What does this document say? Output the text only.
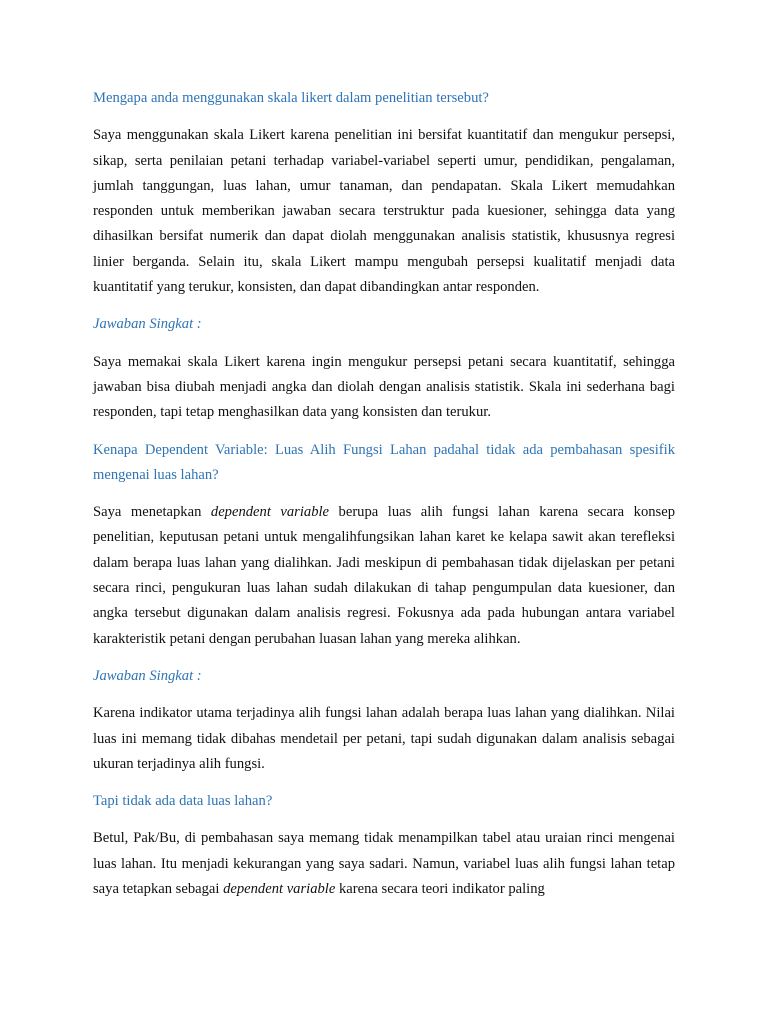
Mengapa anda menggunakan skala likert dalam penelitian tersebut?

Saya menggunakan skala Likert karena penelitian ini bersifat kuantitatif dan mengukur persepsi, sikap, serta penilaian petani terhadap variabel-variabel seperti umur, pendidikan, pengalaman, jumlah tanggungan, luas lahan, umur tanaman, dan pendapatan. Skala Likert memudahkan responden untuk memberikan jawaban secara terstruktur pada kuesioner, sehingga data yang dihasilkan bersifat numerik dan dapat diolah menggunakan analisis statistik, khususnya regresi linier berganda. Selain itu, skala Likert mampu mengubah persepsi kualitatif menjadi data kuantitatif yang terukur, konsisten, dan dapat dibandingkan antar responden.

Jawaban Singkat :

Saya memakai skala Likert karena ingin mengukur persepsi petani secara kuantitatif, sehingga jawaban bisa diubah menjadi angka dan diolah dengan analisis statistik. Skala ini sederhana bagi responden, tapi tetap menghasilkan data yang konsisten dan terukur.

Kenapa Dependent Variable: Luas Alih Fungsi Lahan padahal tidak ada pembahasan spesifik mengenai luas lahan?

Saya menetapkan dependent variable berupa luas alih fungsi lahan karena secara konsep penelitian, keputusan petani untuk mengalihfungsikan lahan karet ke kelapa sawit akan terefleksi dalam berapa luas lahan yang dialihkan. Jadi meskipun di pembahasan tidak dijelaskan per petani secara rinci, pengukuran luas lahan sudah dilakukan di tahap pengumpulan data kuesioner, dan angka tersebut digunakan dalam analisis regresi. Fokusnya ada pada hubungan antara variabel karakteristik petani dengan perubahan luasan lahan yang mereka alihkan.

Jawaban Singkat :

Karena indikator utama terjadinya alih fungsi lahan adalah berapa luas lahan yang dialihkan. Nilai luas ini memang tidak dibahas mendetail per petani, tapi sudah digunakan dalam analisis sebagai ukuran terjadinya alih fungsi.

Tapi tidak ada data luas lahan?

Betul, Pak/Bu, di pembahasan saya memang tidak menampilkan tabel atau uraian rinci mengenai luas lahan. Itu menjadi kekurangan yang saya sadari. Namun, variabel luas alih fungsi lahan tetap saya tetapkan sebagai dependent variable karena secara teori indikator paling
